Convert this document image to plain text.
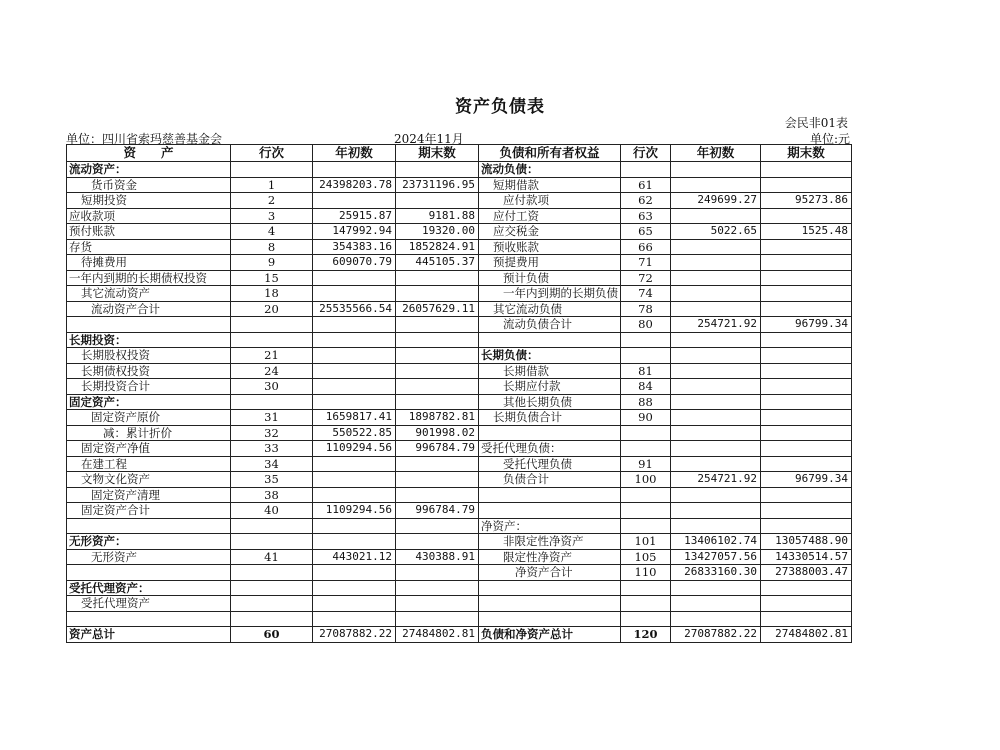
资产负债表
会民非01表
单位：四川省索玛慈善基金会	2024年11月	单位:元
资　　产	行次	年初数	期末数	负债和所有者权益	行次	年初数	期末数
流动资产：				流动负债：			
货币资金	1	24398203.78	23731196.95	短期借款	61		
短期投资	2			应付款项	62	249699.27	95273.86
应收款项	3	25915.87	9181.88	应付工资	63		
预付账款	4	147992.94	19320.00	应交税金	65	5022.65	1525.48
存货	8	354383.16	1852824.91	预收账款	66		
待摊费用	9	609070.79	445105.37	预提费用	71		
一年内到期的长期债权投资	15			预计负债	72		
其它流动资产	18			一年内到期的长期负债	74		
流动资产合计	20	25535566.54	26057629.11	其它流动负债	78		
				流动负债合计	80	254721.92	96799.34
长期投资：							
长期股权投资	21			长期负债：			
长期债权投资	24			长期借款	81		
长期投资合计	30			长期应付款	84		
固定资产：				其他长期负债	88		
固定资产原价	31	1659817.41	1898782.81	长期负债合计	90		
减：累计折价	32	550522.85	901998.02				
固定资产净值	33	1109294.56	996784.79	受托代理负债：			
在建工程	34			受托代理负债	91		
文物文化资产	35			负债合计	100	254721.92	96799.34
固定资产清理	38						
固定资产合计	40	1109294.56	996784.79				
				净资产：			
无形资产：				非限定性净资产	101	13406102.74	13057488.90
无形资产	41	443021.12	430388.91	限定性净资产	105	13427057.56	14330514.57
				净资产合计	110	26833160.30	27388003.47
受托代理资产：							
受托代理资产							

资产总计	60	27087882.22	27484802.81	负债和净资产总计	120	27087882.22	27484802.81
